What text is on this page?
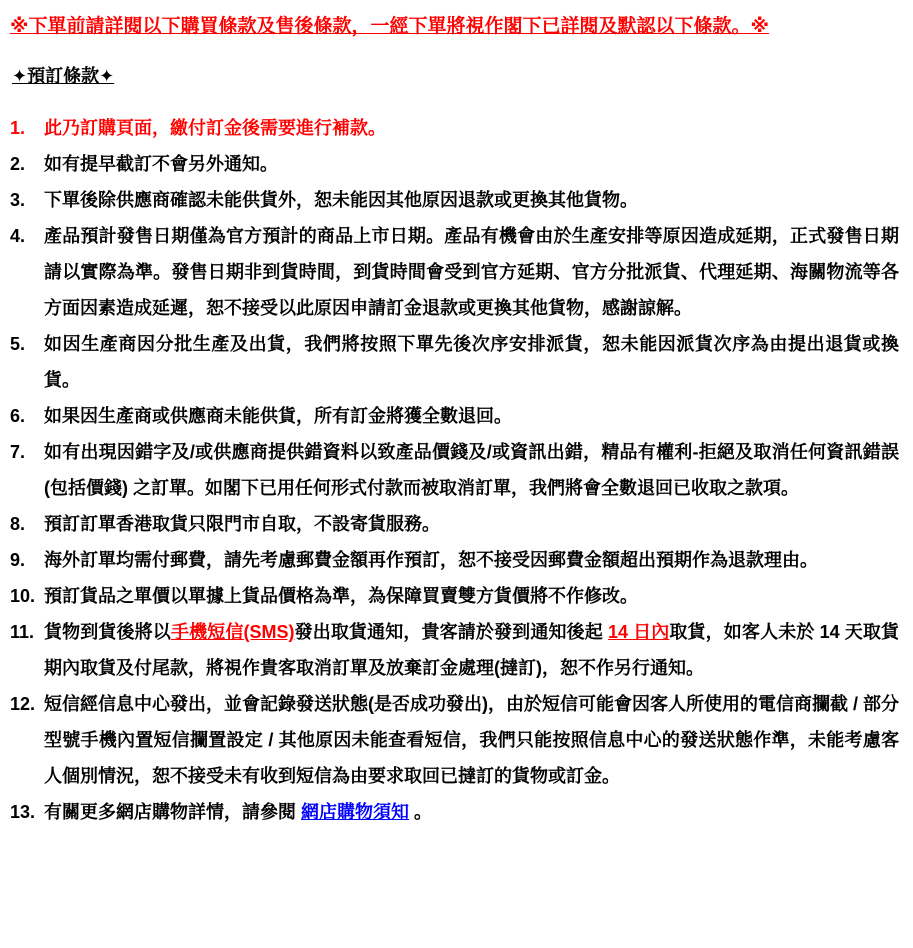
※下單前請詳閱以下購買條款及售後條款，一經下單將視作閣下已詳閱及默認以下條款。※
✦預訂條款✦
1.	此乃訂購頁面，繳付訂金後需要進行補款。
2.	如有提早截訂不會另外通知。
3.	下單後除供應商確認未能供貨外，恕未能因其他原因退款或更換其他貨物。
4.	產品預計發售日期僅為官方預計的商品上市日期。產品有機會由於生產安排等原因造成延期，正式發售日期請以實際為準。發售日期非到貨時間，到貨時間會受到官方延期、官方分批派貨、代理延期、海關物流等各方面因素造成延遲，恕不接受以此原因申請訂金退款或更換其他貨物，感謝諒解。
5.	如因生產商因分批生產及出貨，我們將按照下單先後次序安排派貨，恕未能因派貨次序為由提出退貨或換貨。
6.	如果因生產商或供應商未能供貨，所有訂金將獲全數退回。
7.	如有出現因錯字及/或供應商提供錯資料以致產品價錢及/或資訊出錯，精品有權利-拒絕及取消任何資訊錯誤(包括價錢) 之訂單。如閣下已用任何形式付款而被取消訂單，我們將會全數退回已收取之款項。
8.	預訂訂單香港取貨只限門市自取，不設寄貨服務。
9.	海外訂單均需付郵費，請先考慮郵費金額再作預訂，恕不接受因郵費金額超出預期作為退款理由。
10. 預訂貨品之單價以單據上貨品價格為準，為保障買賣雙方貨價將不作修改。
11. 貨物到貨後將以手機短信(SMS)發出取貨通知，貴客請於發到通知後起 14 日內取貨，如客人未於 14 天取貨期內取貨及付尾款，將視作貴客取消訂單及放棄訂金處理(撻訂)，恕不作另行通知。
12. 短信經信息中心發出，並會記錄發送狀態(是否成功發出)，由於短信可能會因客人所使用的電信商攔截 / 部分型號手機內置短信攔置設定 / 其他原因未能查看短信，我們只能按照信息中心的發送狀態作準，未能考慮客人個別情況，恕不接受未有收到短信為由要求取回已撻訂的貨物或訂金。
13. 有關更多網店購物詳情，請參閱 網店購物須知 。
